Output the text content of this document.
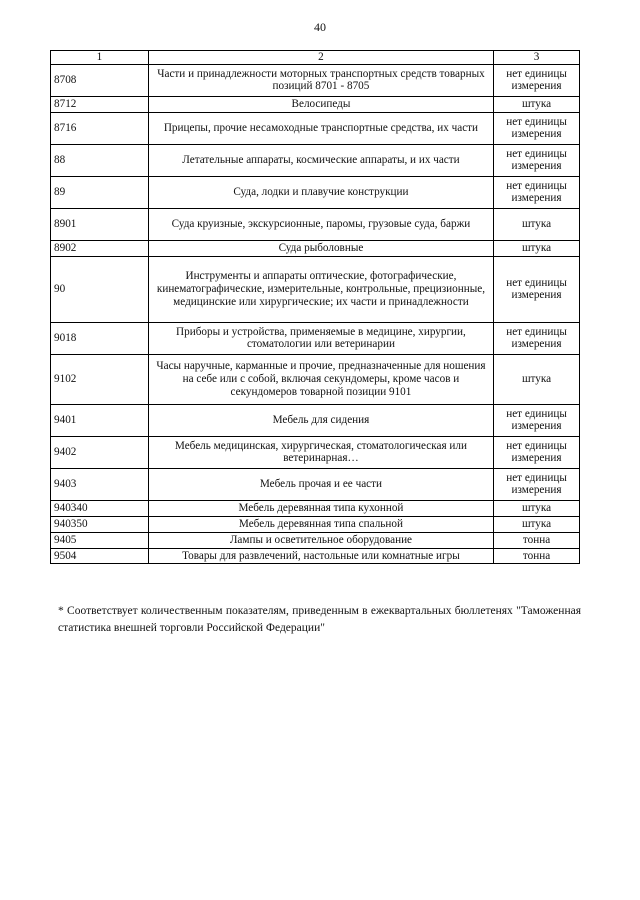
40
1	2	3
8708	Части и принадлежности моторных транспортных средств товарных позиций 8701 - 8705	нет единицы измерения
8712	Велосипеды	штука
8716	Прицепы, прочие несамоходные транспортные средства, их части	нет единицы измерения
88	Летательные аппараты, космические аппараты, и их части	нет единицы измерения
89	Суда, лодки и плавучие конструкции	нет единицы измерения
8901	Суда круизные, экскурсионные, паромы, грузовые суда, баржи	штука
8902	Суда рыболовные	штука
90	Инструменты и аппараты оптические, фотографические, кинематографические, измерительные, контрольные, прецизионные, медицинские или хирургические; их части и принадлежности	нет единицы измерения
9018	Приборы и устройства, применяемые в медицине, хирургии, стоматологии или ветеринарии	нет единицы измерения
9102	Часы наручные, карманные и прочие, предназначенные для ношения на себе или с собой, включая секундомеры, кроме часов и секундомеров товарной позиции 9101	штука
9401	Мебель для сидения	нет единицы измерения
9402	Мебель медицинская, хирургическая, стоматологическая или ветеринарная…	нет единицы измерения
9403	Мебель прочая и ее части	нет единицы измерения
940340	Мебель деревянная типа кухонной	штука
940350	Мебель деревянная типа спальной	штука
9405	Лампы и осветительное оборудование	тонна
9504	Товары для развлечений, настольные или комнатные игры	тонна
* Соответствует количественным показателям, приведенным в ежеквартальных бюллетенях "Таможенная статистика внешней торговли Российской Федерации"
